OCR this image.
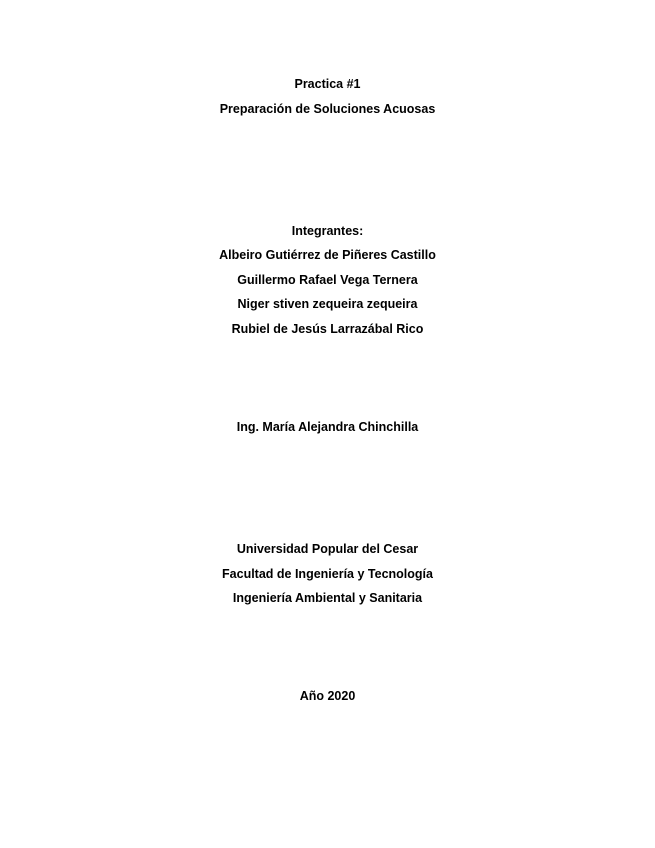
Practica #1
Preparación de Soluciones Acuosas
Integrantes:
Albeiro Gutiérrez de Piñeres Castillo
Guillermo Rafael Vega Ternera
Niger stiven zequeira zequeira
Rubiel de Jesús Larrazábal Rico
Ing. María Alejandra Chinchilla
Universidad Popular del Cesar
Facultad de Ingeniería y Tecnología
Ingeniería Ambiental y Sanitaria
Año 2020
